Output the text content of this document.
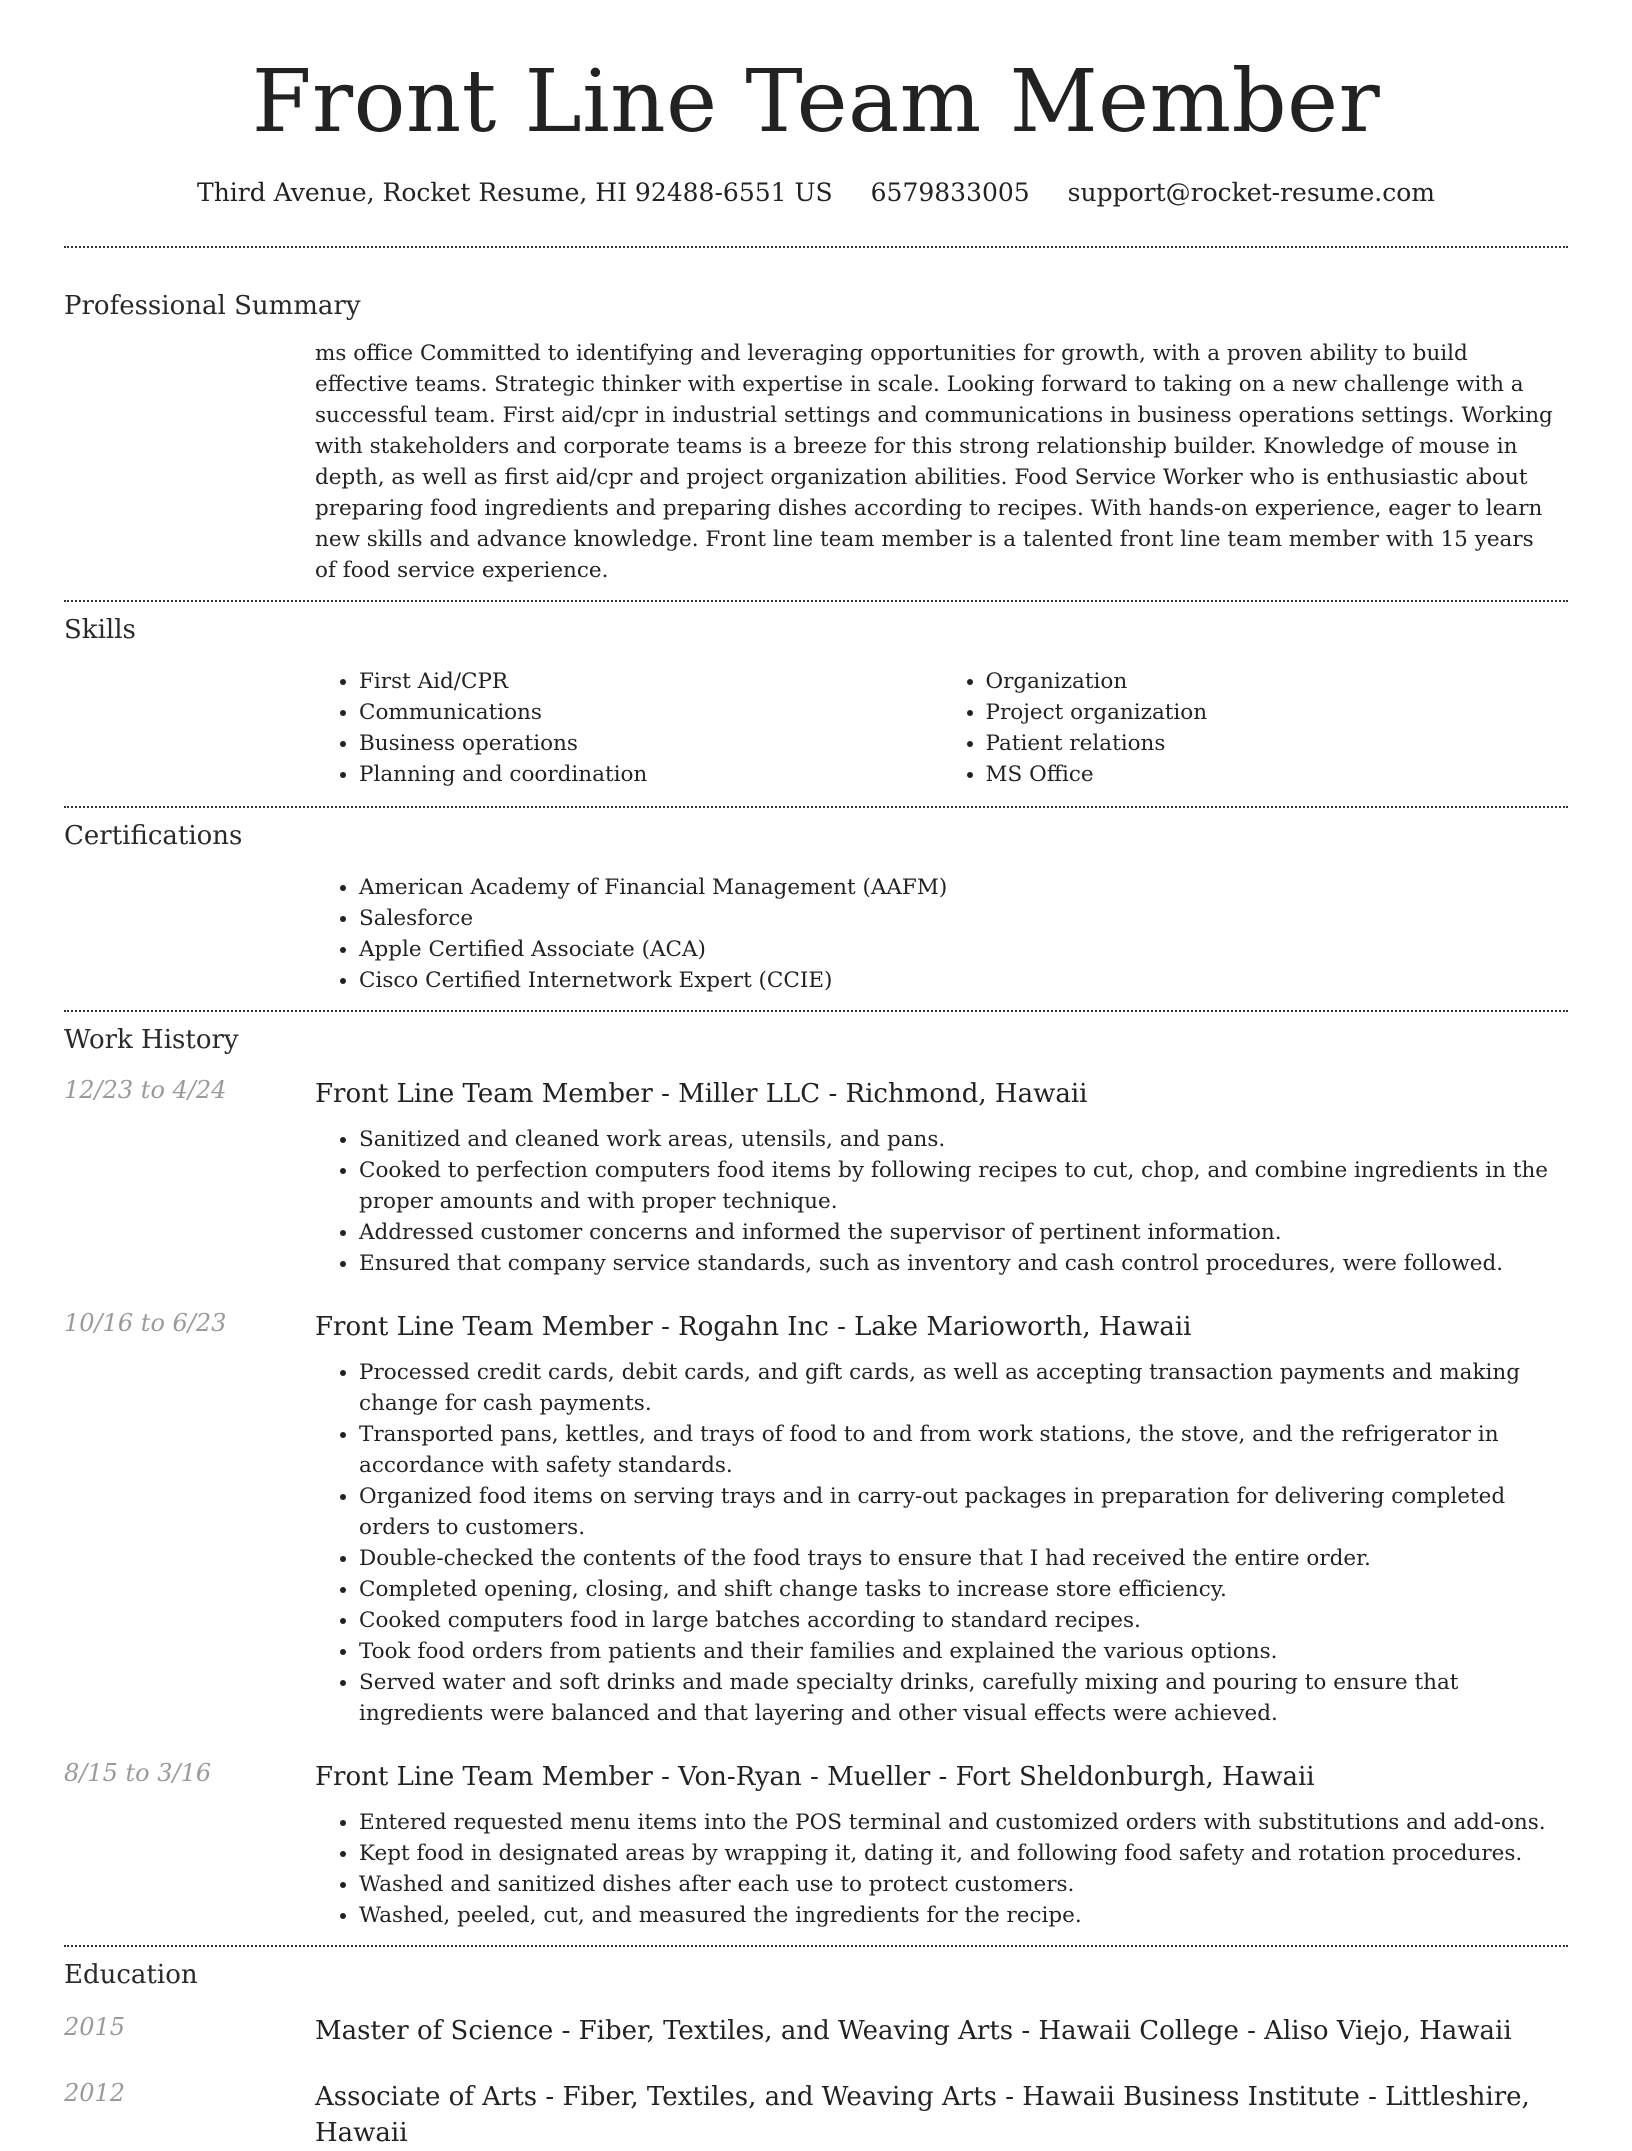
Front Line Team Member
Third Avenue, Rocket Resume, HI 92488-6551 US 6579833005 support@rocket-resume.com
Professional Summary

ms office Committed to identifying and leveraging opportunities for growth, with a proven ability to build effective teams. Strategic thinker with expertise in scale. Looking forward to taking on a new challenge with a successful team. First aid/cpr in industrial settings and communications in business operations settings. Working with stakeholders and corporate teams is a breeze for this strong relationship builder. Knowledge of mouse in depth, as well as first aid/cpr and project organization abilities. Food Service Worker who is enthusiastic about preparing food ingredients and preparing dishes according to recipes. With hands-on experience, eager to learn new skills and advance knowledge. Front line team member is a talented front line team member with 15 years of food service experience.

Skills
• First Aid/CPR
• Communications
• Business operations
• Planning and coordination
• Organization
• Project organization
• Patient relations
• MS Office
Certifications
• American Academy of Financial Management (AAFM)
• Salesforce
• Apple Certified Associate (ACA)
• Cisco Certified Internetwork Expert (CCIE)
Work History
12/23 to 4/24	Front Line Team Member - Miller LLC - Richmond, Hawaii
• Sanitized and cleaned work areas, utensils, and pans.
• Cooked to perfection computers food items by following recipes to cut, chop, and combine ingredients in the proper amounts and with proper technique.
• Addressed customer concerns and informed the supervisor of pertinent information.
• Ensured that company service standards, such as inventory and cash control procedures, were followed.
10/16 to 6/23	Front Line Team Member - Rogahn Inc - Lake Marioworth, Hawaii
• Processed credit cards, debit cards, and gift cards, as well as accepting transaction payments and making change for cash payments.
• Transported pans, kettles, and trays of food to and from work stations, the stove, and the refrigerator in accordance with safety standards.
• Organized food items on serving trays and in carry-out packages in preparation for delivering completed orders to customers.
• Double-checked the contents of the food trays to ensure that I had received the entire order.
• Completed opening, closing, and shift change tasks to increase store efficiency.
• Cooked computers food in large batches according to standard recipes.
• Took food orders from patients and their families and explained the various options.
• Served water and soft drinks and made specialty drinks, carefully mixing and pouring to ensure that ingredients were balanced and that layering and other visual effects were achieved.
8/15 to 3/16	Front Line Team Member - Von-Ryan - Mueller - Fort Sheldonburgh, Hawaii
• Entered requested menu items into the POS terminal and customized orders with substitutions and add-ons.
• Kept food in designated areas by wrapping it, dating it, and following food safety and rotation procedures.
• Washed and sanitized dishes after each use to protect customers.
• Washed, peeled, cut, and measured the ingredients for the recipe.
Education
2015	Master of Science - Fiber, Textiles, and Weaving Arts - Hawaii College - Aliso Viejo, Hawaii
2012	Associate of Arts - Fiber, Textiles, and Weaving Arts - Hawaii Business Institute - Littleshire, Hawaii
